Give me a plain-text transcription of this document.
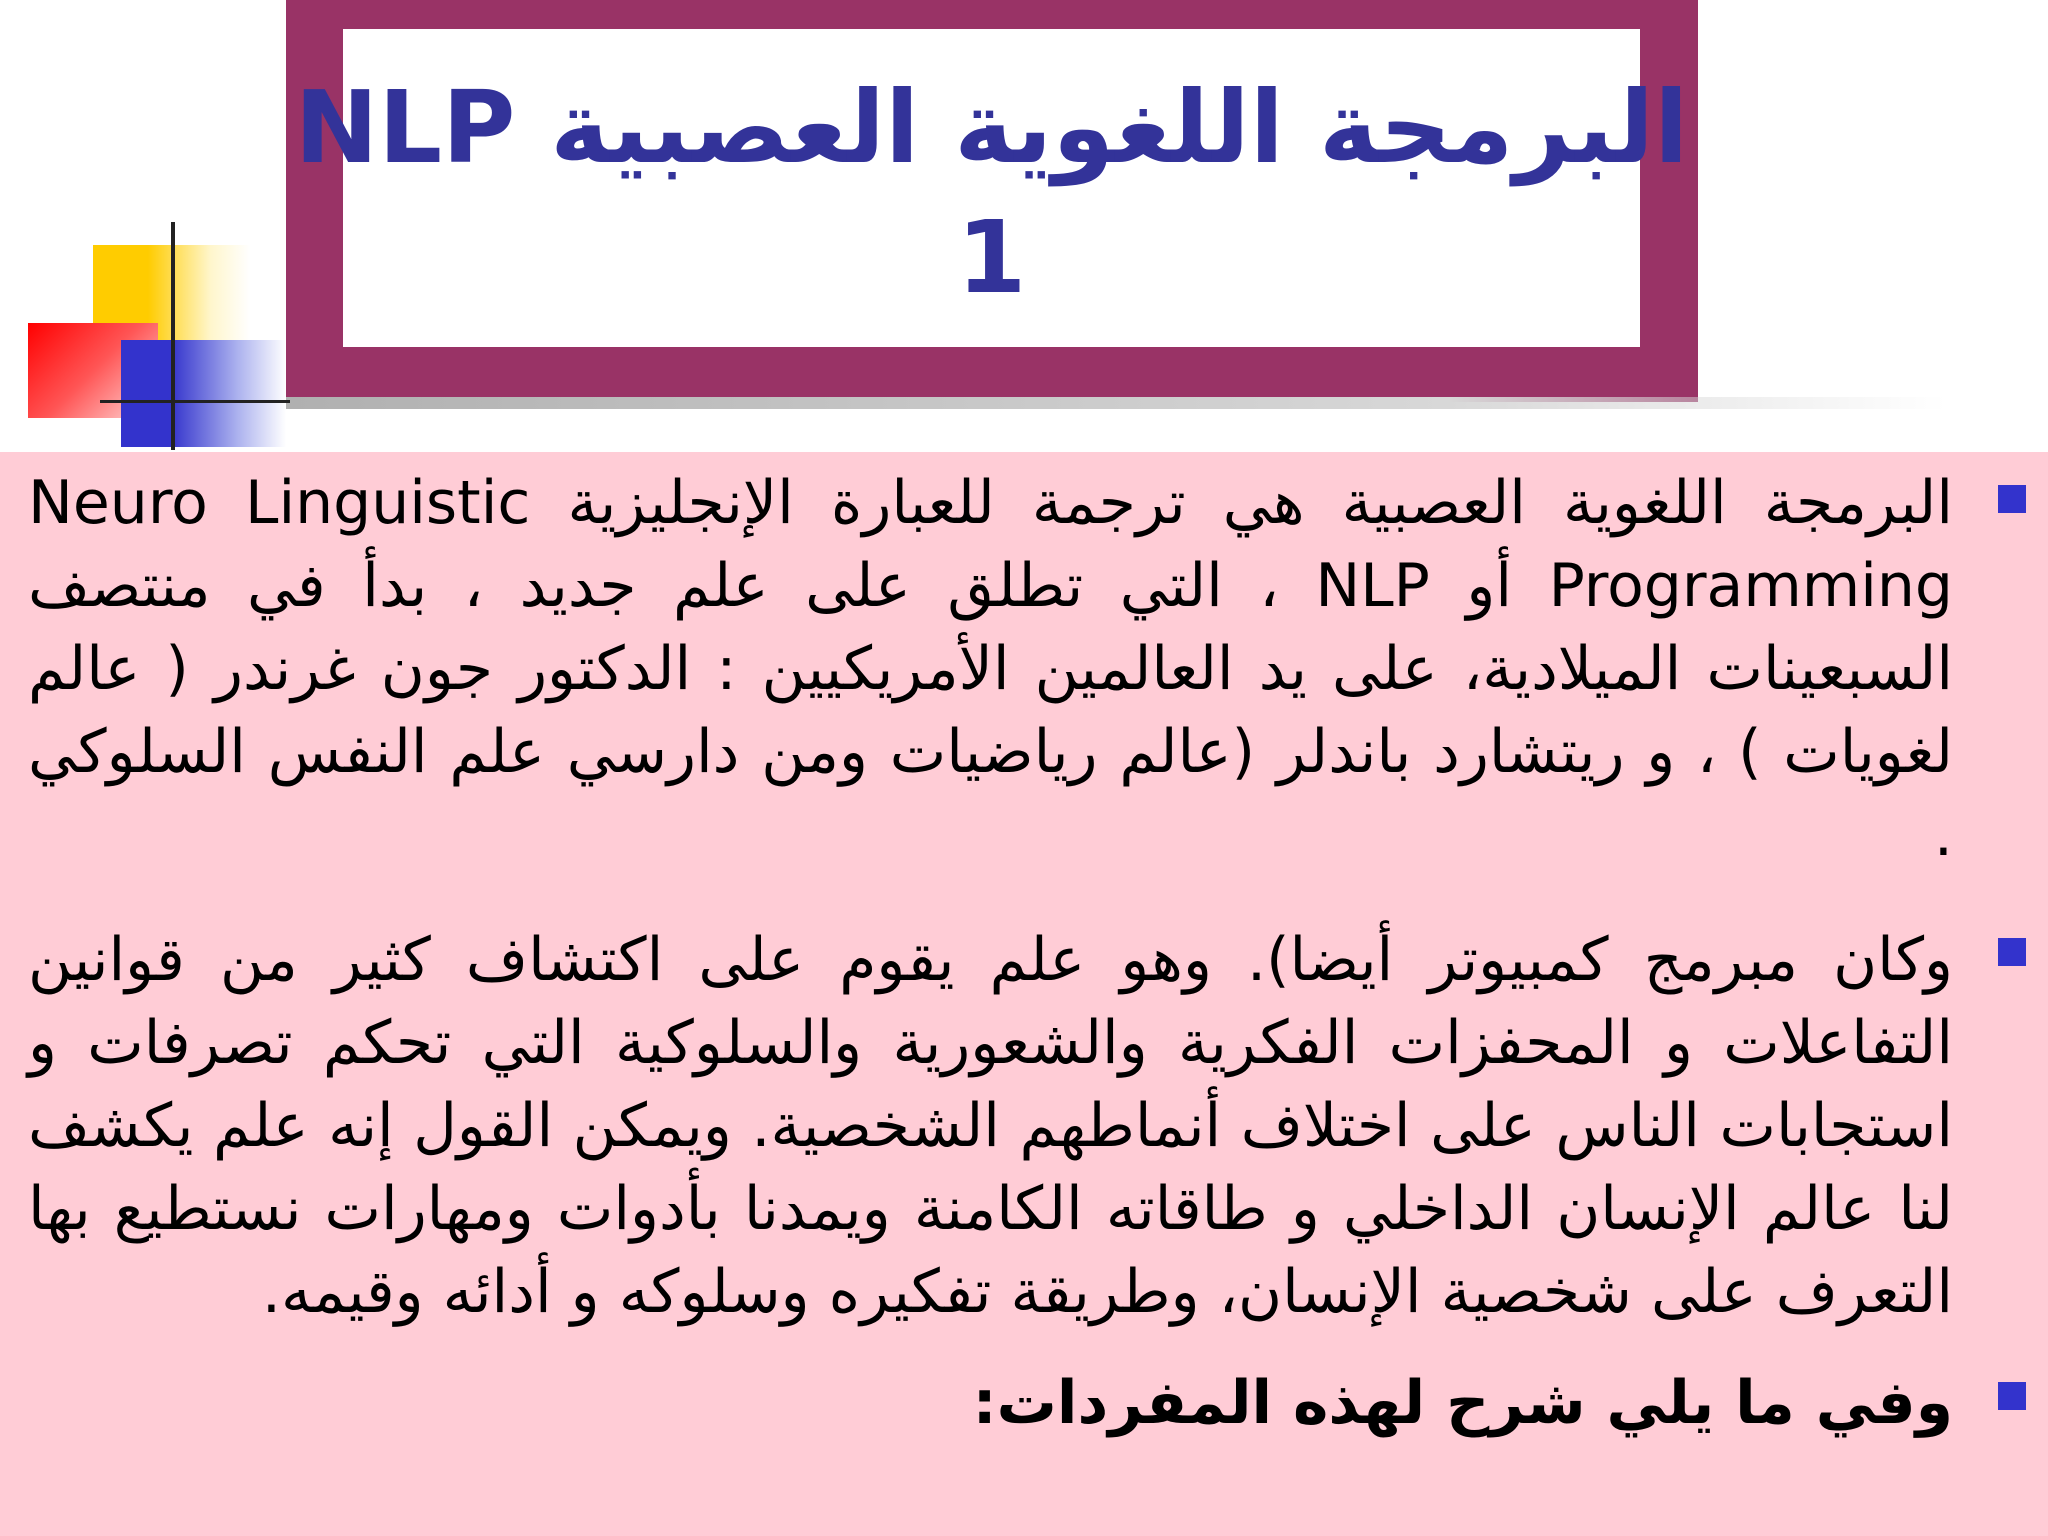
البرمجة اللغوية العصبية NLP
1
البرمجة اللغوية العصبية هي ترجمة للعبارة الإنجليزية Neuro Linguistic Programming أو NLP ، التي تطلق على علم جديد ، بدأ في منتصف السبعينات الميلادية، على يد العالمين الأمريكيين : الدكتور جون غرندر ( عالم لغويات ) ، و ريتشارد باندلر (عالم رياضيات ومن دارسي علم النفس السلوكي .
وكان مبرمج كمبيوتر أيضا). وهو علم يقوم على اكتشاف كثير من قوانين التفاعلات و المحفزات الفكرية والشعورية والسلوكية التي تحكم تصرفات و استجابات الناس على اختلاف أنماطهم الشخصية. ويمكن القول إنه علم يكشف لنا عالم الإنسان الداخلي و طاقاته الكامنة ويمدنا بأدوات ومهارات نستطيع بها التعرف على شخصية الإنسان، وطريقة تفكيره وسلوكه و أدائه وقيمه.
وفي ما يلي شرح لهذه المفردات:
